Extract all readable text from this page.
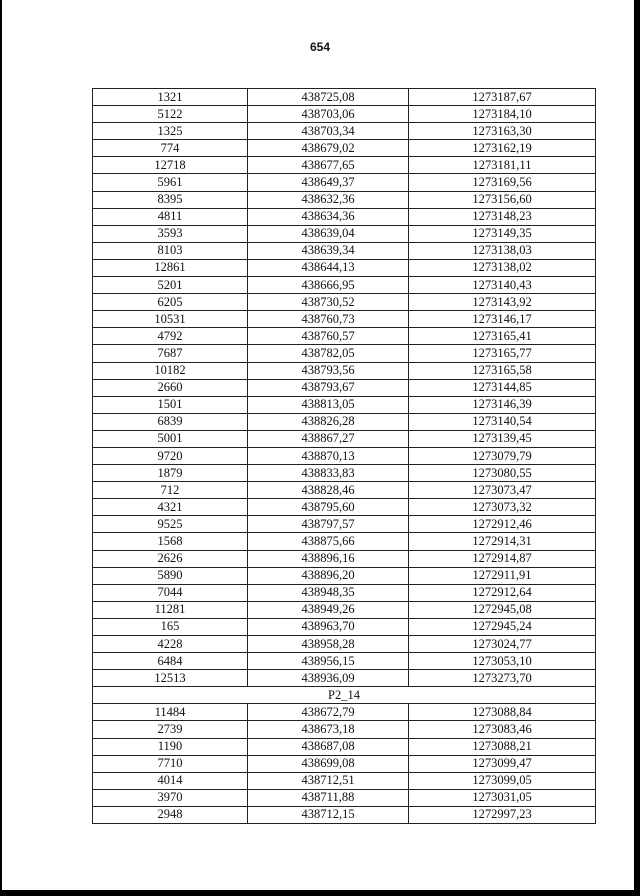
654
1321	438725,08	1273187,67
5122	438703,06	1273184,10
1325	438703,34	1273163,30
774	438679,02	1273162,19
12718	438677,65	1273181,11
5961	438649,37	1273169,56
8395	438632,36	1273156,60
4811	438634,36	1273148,23
3593	438639,04	1273149,35
8103	438639,34	1273138,03
12861	438644,13	1273138,02
5201	438666,95	1273140,43
6205	438730,52	1273143,92
10531	438760,73	1273146,17
4792	438760,57	1273165,41
7687	438782,05	1273165,77
10182	438793,56	1273165,58
2660	438793,67	1273144,85
1501	438813,05	1273146,39
6839	438826,28	1273140,54
5001	438867,27	1273139,45
9720	438870,13	1273079,79
1879	438833,83	1273080,55
712	438828,46	1273073,47
4321	438795,60	1273073,32
9525	438797,57	1272912,46
1568	438875,66	1272914,31
2626	438896,16	1272914,87
5890	438896,20	1272911,91
7044	438948,35	1272912,64
11281	438949,26	1272945,08
165	438963,70	1272945,24
4228	438958,28	1273024,77
6484	438956,15	1273053,10
12513	438936,09	1273273,70
P2_14		
11484	438672,79	1273088,84
2739	438673,18	1273083,46
1190	438687,08	1273088,21
7710	438699,08	1273099,47
4014	438712,51	1273099,05
3970	438711,88	1273031,05
2948	438712,15	1272997,23
